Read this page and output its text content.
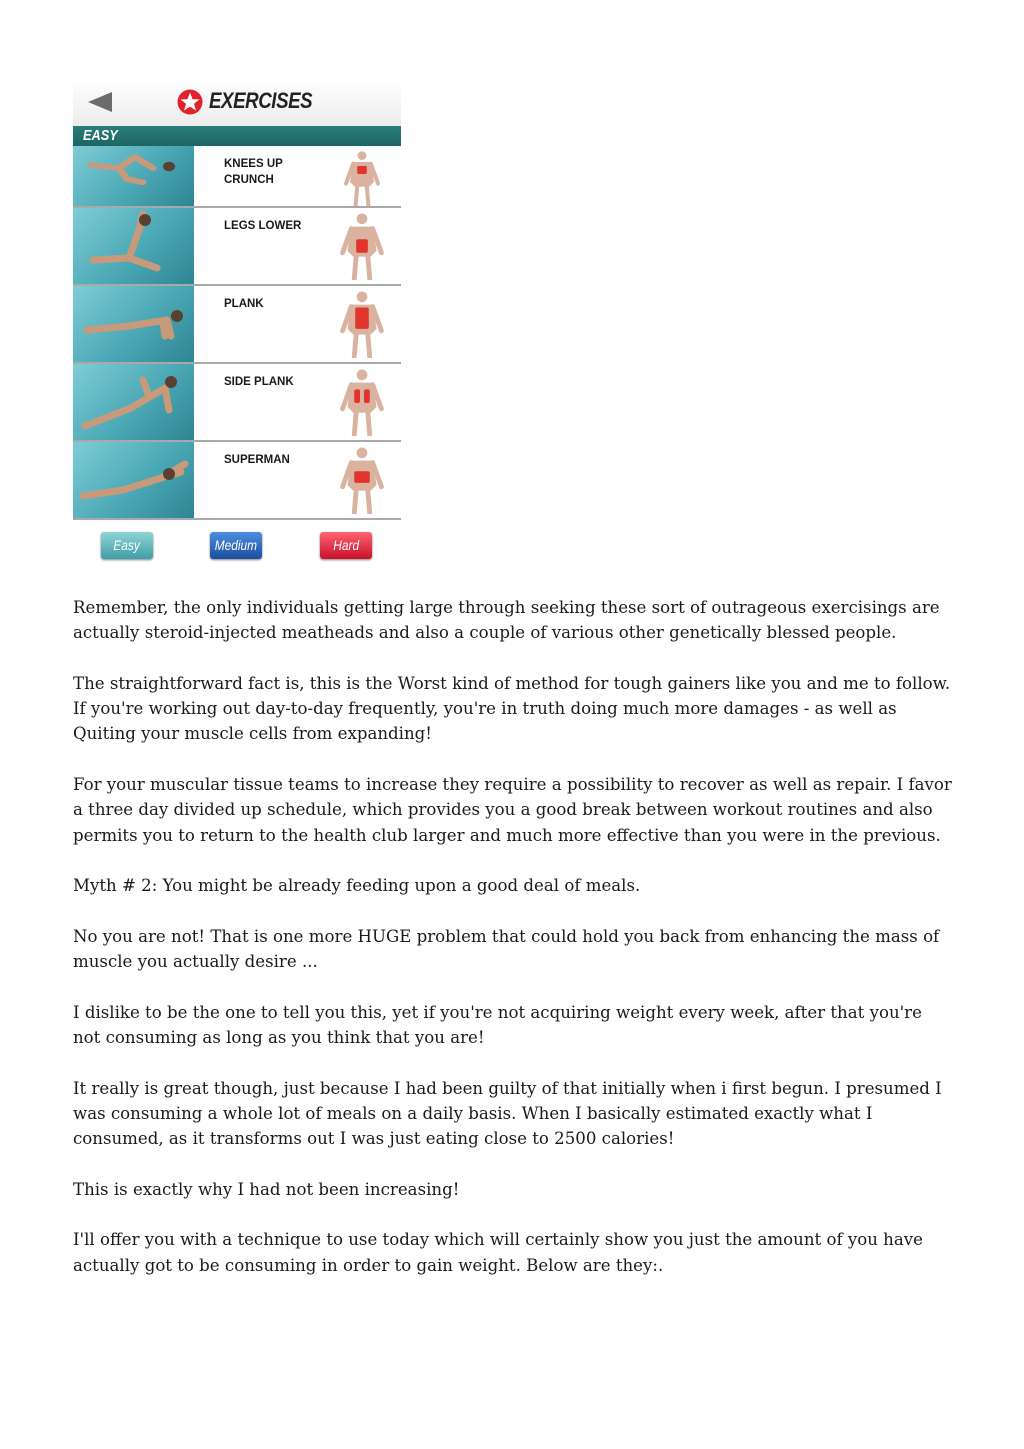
EXERCISES
EASY
KNEES UP
CRUNCH
LEGS LOWER
PLANK
SIDE PLANK
SUPERMAN
Easy	Medium	Hard

Remember, the only individuals getting large through seeking these sort of outrageous exercisings are actually steroid-injected meatheads and also a couple of various other genetically blessed people.

The straightforward fact is, this is the Worst kind of method for tough gainers like you and me to follow. If you're working out day-to-day frequently, you're in truth doing much more damages - as well as Quiting your muscle cells from expanding!

For your muscular tissue teams to increase they require a possibility to recover as well as repair. I favor a three day divided up schedule, which provides you a good break between workout routines and also permits you to return to the health club larger and much more effective than you were in the previous.

Myth # 2: You might be already feeding upon a good deal of meals.

No you are not! That is one more HUGE problem that could hold you back from enhancing the mass of muscle you actually desire ...

I dislike to be the one to tell you this, yet if you're not acquiring weight every week, after that you're not consuming as long as you think that you are!

It really is great though, just because I had been guilty of that initially when i first begun. I presumed I was consuming a whole lot of meals on a daily basis. When I basically estimated exactly what I consumed, as it transforms out I was just eating close to 2500 calories!

This is exactly why I had not been increasing!

I'll offer you with a technique to use today which will certainly show you just the amount of you have actually got to be consuming in order to gain weight. Below are they:.
